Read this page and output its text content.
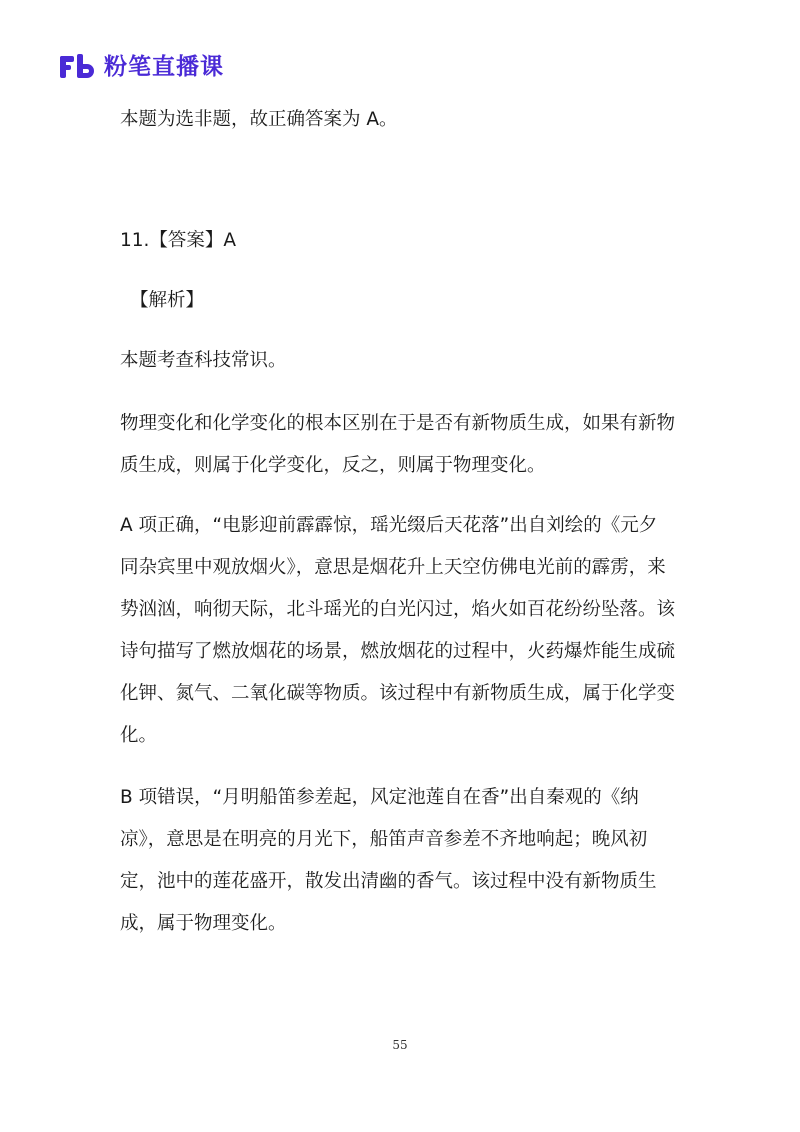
粉笔直播课
本题为选非题，故正确答案为 A。
11.【答案】A
【解析】
本题考查科技常识。
物理变化和化学变化的根本区别在于是否有新物质生成，如果有新物
质生成，则属于化学变化，反之，则属于物理变化。
A 项正确，“电影迎前霹霹惊，瑶光缀后天花落”出自刘绘的《元夕
同杂宾里中观放烟火》，意思是烟花升上天空仿佛电光前的霹雳，来
势汹汹，响彻天际，北斗瑶光的白光闪过，焰火如百花纷纷坠落。该
诗句描写了燃放烟花的场景，燃放烟花的过程中，火药爆炸能生成硫
化钾、氮气、二氧化碳等物质。该过程中有新物质生成，属于化学变
化。
B 项错误，“月明船笛参差起，风定池莲自在香”出自秦观的《纳
凉》，意思是在明亮的月光下，船笛声音参差不齐地响起；晚风初
定，池中的莲花盛开，散发出清幽的香气。该过程中没有新物质生
成，属于物理变化。
55
